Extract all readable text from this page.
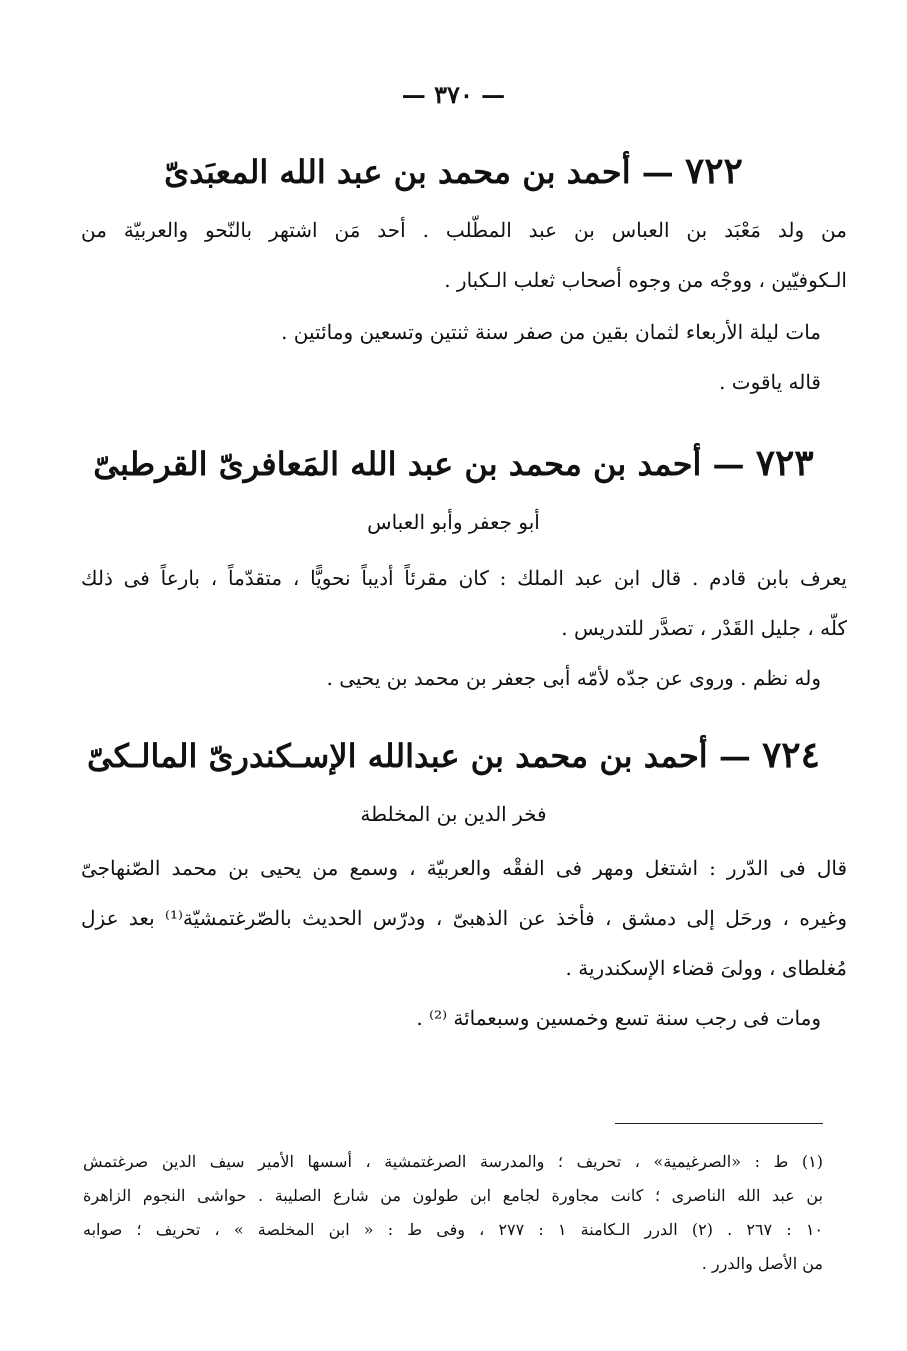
— ٣٧٠ —
٧٢٢ — أحمد بن محمد بن عبد الله المعبَدىّ
من ولد مَعْبَد بن العباس بن عبد المطّلب . أحد مَن اشتهر بالنّحو والعربيّة من
الـكوفيّين ، ووجْه من وجوه أصحاب ثعلب الـكبار .
مات ليلة الأربعاء لثمان بقين من صفر سنة ثنتين وتسعين ومائتين .
قاله ياقوت .
٧٢٣ — أحمد بن محمد بن عبد الله المَعافرىّ القرطبىّ
أبو جعفر وأبو العباس
يعرف بابن قادم . قال ابن عبد الملك : كان مقرئاً أديباً نحويًّا ، متقدّماً ، بارعاً فى ذلك
كلّه ، جليل القَدْر ، تصدَّر للتدريس .
وله نظم . وروى عن جدّه لأمّه أبى جعفر بن محمد بن يحيى .
٧٢٤ — أحمد بن محمد بن عبدالله الإسـكندرىّ المالـكىّ
فخر الدين بن المخلطة
قال فى الدّرر : اشتغل ومهر فى الفقْه والعربيّة ، وسمع من يحيى بن محمد الصّنهاجىّ
وغيره ، ورحَل إلى دمشق ، فأخذ عن الذهبىّ ، ودرّس الحديث بالصّرغتمشيّة⁽¹⁾ بعد عزل
مُغلطاى ، وولىَ قضاء الإسكندرية .
ومات فى رجب سنة تسع وخمسين وسبعمائة ⁽²⁾ .
(١) ط : «الصرغيمية» ، تحريف ؛ والمدرسة الصرغتمشية ، أسسها الأمير سيف الدين صرغتمش
بن عبد الله الناصرى ؛ كانت مجاورة لجامع ابن طولون من شارع الصليبة . حواشى النجوم الزاهرة
١٠ : ٢٦٧ . (٢) الدرر الـكامنة ١ : ٢٧٧ ، وفى ط : « ابن المخلصة » ، تحريف ؛ صوابه
من الأصل والدرر .
